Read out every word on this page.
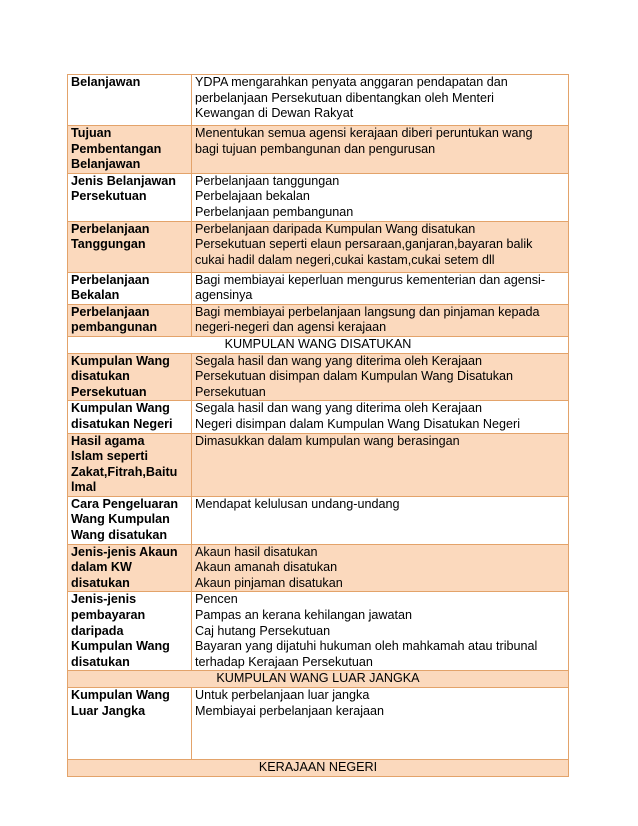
Belanjawan	YDPA mengarahkan penyata anggaran pendapatan dan
perbelanjaan Persekutuan dibentangkan oleh Menteri
Kewangan di Dewan Rakyat

Tujuan
Pembentangan
Belanjawan	Menentukan semua agensi kerajaan diberi peruntukan wang
bagi tujuan pembangunan dan pengurusan

Jenis Belanjawan
Persekutuan	Perbelanjaan tanggungan
Perbelajaan bekalan
Perbelanjaan pembangunan

Perbelanjaan
Tanggungan	Perbelanjaan daripada Kumpulan Wang disatukan
Persekutuan seperti elaun persaraan,ganjaran,bayaran balik
cukai hadil dalam negeri,cukai kastam,cukai setem dll

Perbelanjaan
Bekalan	Bagi membiayai keperluan mengurus kementerian dan agensi-
agensinya

Perbelanjaan
pembangunan	Bagi membiayai perbelanjaan langsung dan pinjaman kepada
negeri-negeri dan agensi kerajaan

KUMPULAN WANG DISATUKAN	

Kumpulan Wang
disatukan
Persekutuan	Segala hasil dan wang yang diterima oleh Kerajaan
Persekutuan disimpan dalam Kumpulan Wang Disatukan
Persekutuan

Kumpulan Wang
disatukan Negeri	Segala hasil dan wang yang diterima oleh Kerajaan
Negeri disimpan dalam Kumpulan Wang Disatukan Negeri

Hasil agama
Islam seperti
Zakat,Fitrah,Baitu
lmal	Dimasukkan dalam kumpulan wang berasingan

Cara Pengeluaran
Wang Kumpulan
Wang disatukan	Mendapat kelulusan undang-undang

Jenis-jenis Akaun
dalam KW
disatukan	Akaun hasil disatukan
Akaun amanah disatukan
Akaun pinjaman disatukan

Jenis-jenis
pembayaran
daripada
Kumpulan Wang
disatukan	Pencen
Pampas an kerana kehilangan jawatan
Caj hutang Persekutuan
Bayaran yang dijatuhi hukuman oleh mahkamah atau tribunal
terhadap Kerajaan Persekutuan

KUMPULAN WANG LUAR JANGKA	

Kumpulan Wang
Luar Jangka	Untuk perbelanjaan luar jangka
Membiayai perbelanjaan kerajaan

KERAJAAN NEGERI	
